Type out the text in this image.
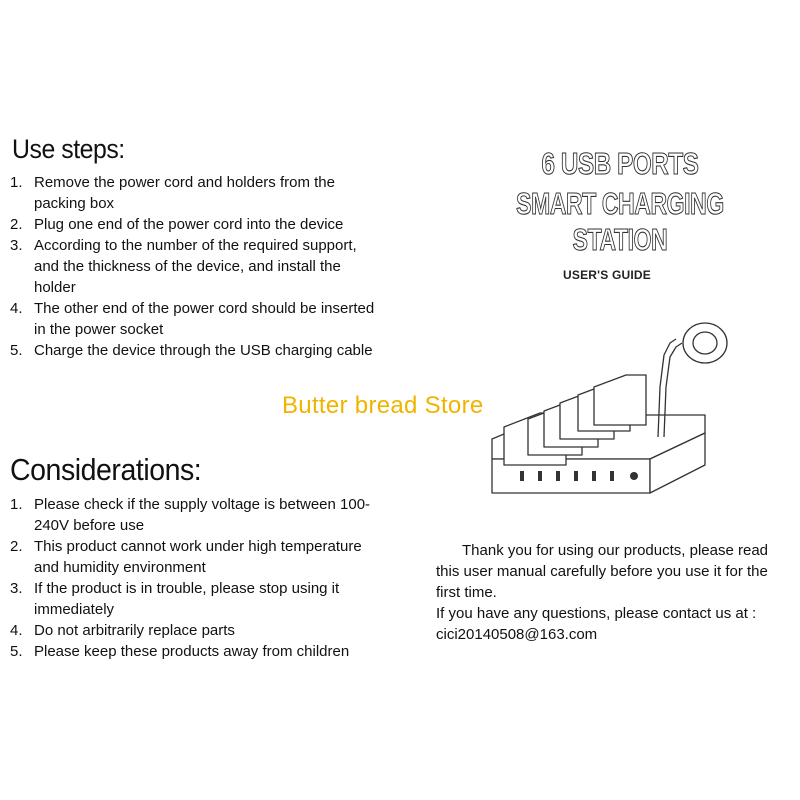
Use steps:
1. Remove the power cord and holders from the packing box
2. Plug one end of the power cord into the device
3. According to the number of the required support, and the thickness of the device, and install the holder
4. The other end of the power cord should be inserted in the power socket
5. Charge the device through the USB charging cable
Considerations:
1. Please check if the supply voltage is between 100-240V before use
2. This product cannot work under high temperature and humidity environment
3. If the product is in trouble, please stop using it immediately
4. Do not arbitrarily replace parts
5. Please keep these products away from children
6 USB PORTS
SMART CHARGING STATION
USER'S GUIDE
Butter bread Store

Thank you for using our products, please read this user manual carefully before you use it for the first time.

If you have any questions, please contact us at :

cici20140508@163.com
